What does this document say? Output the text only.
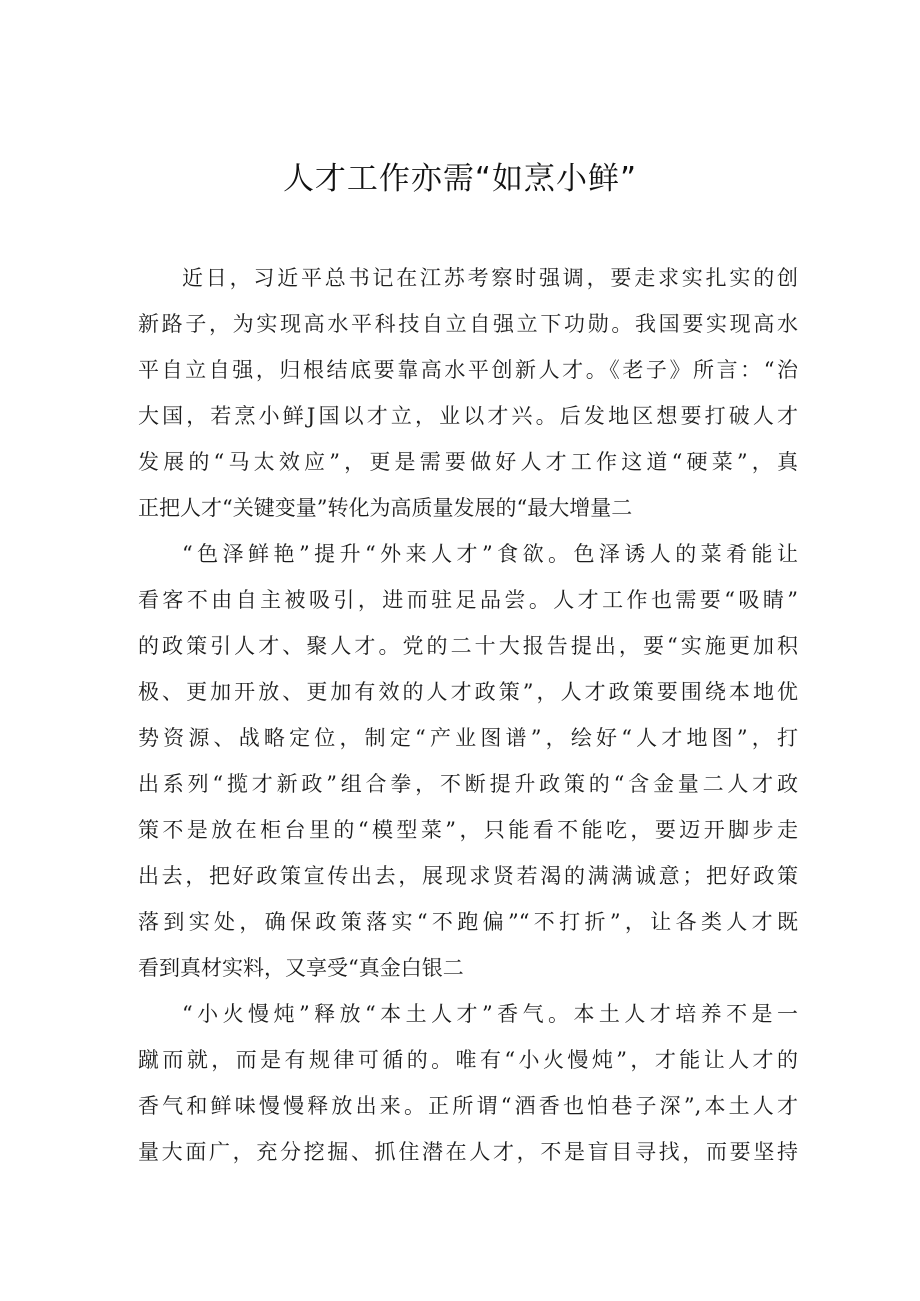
人才工作亦需“如烹小鲜”
近日，习近平总书记在江苏考察时强调，要走求实扎实的创
新路子，为实现高水平科技自立自强立下功勋。我国要实现高水
平自立自强，归根结底要靠高水平创新人才。《老子》所言：“治
大国，若烹小鲜J国以才立，业以才兴。后发地区想要打破人才
发展的“马太效应”，更是需要做好人才工作这道“硬菜”，真
正把人才“关键变量”转化为高质量发展的“最大增量二
“色泽鲜艳”提升“外来人才”食欲。色泽诱人的菜肴能让
看客不由自主被吸引，进而驻足品尝。人才工作也需要“吸睛”
的政策引人才、聚人才。党的二十大报告提出，要“实施更加积
极、更加开放、更加有效的人才政策”，人才政策要围绕本地优
势资源、战略定位，制定“产业图谱”，绘好“人才地图”，打
出系列“揽才新政”组合拳，不断提升政策的“含金量二人才政
策不是放在柜台里的“模型菜”，只能看不能吃，要迈开脚步走
出去，把好政策宣传出去，展现求贤若渴的满满诚意；把好政策
落到实处，确保政策落实“不跑偏”“不打折”，让各类人才既
看到真材实料，又享受“真金白银二
“小火慢炖”释放“本土人才”香气。本土人才培养不是一
蹴而就，而是有规律可循的。唯有“小火慢炖”，才能让人才的
香气和鲜味慢慢释放出来。正所谓“酒香也怕巷子深”,本土人才
量大面广，充分挖掘、抓住潜在人才，不是盲目寻找，而要坚持
